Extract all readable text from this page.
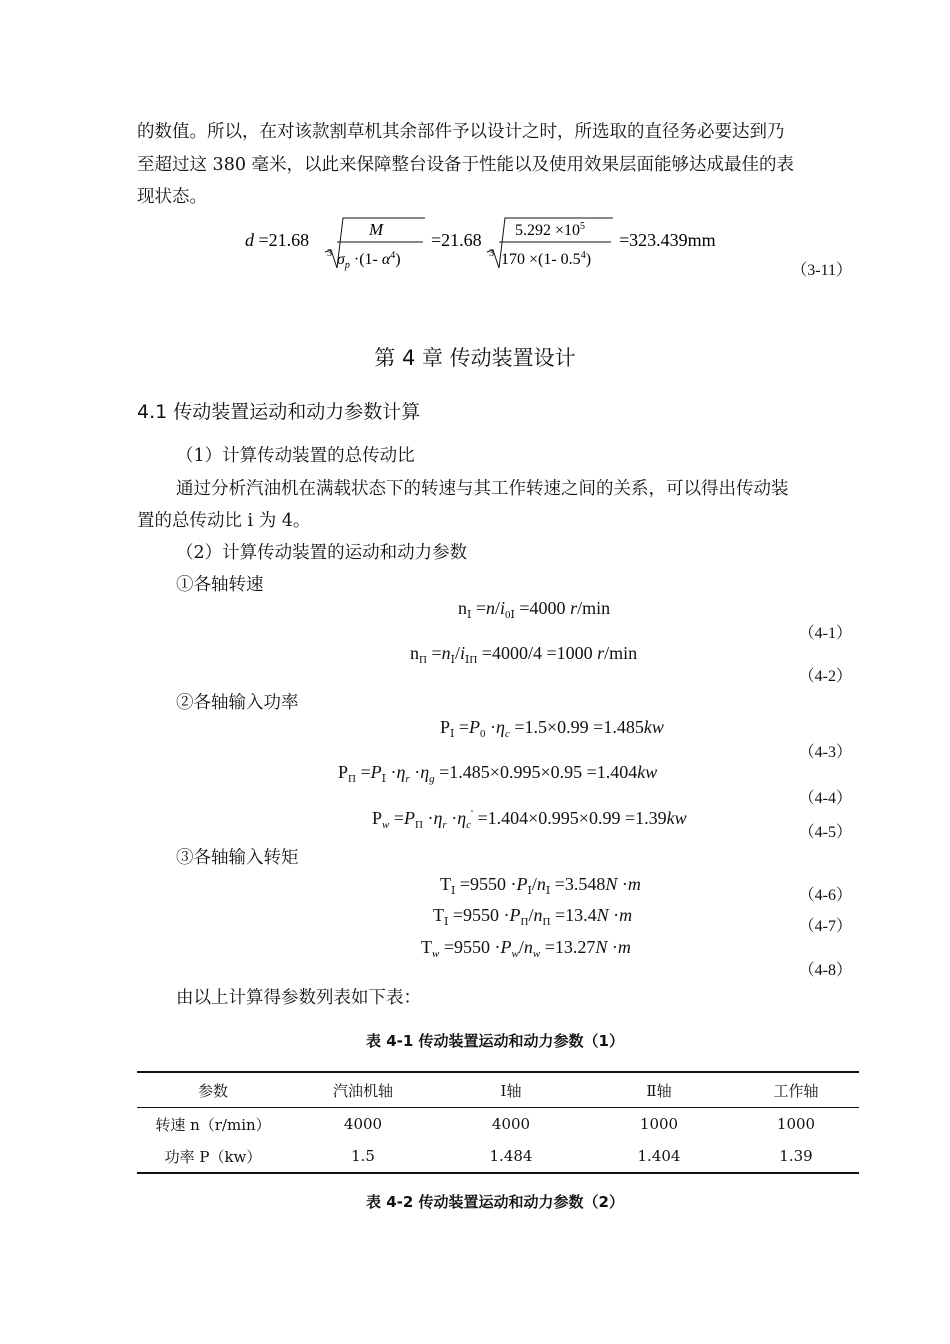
的数值。所以，在对该款割草机其余部件予以设计之时，所选取的直径务必要达到乃
至超过这 380 毫米，以此来保障整台设备于性能以及使用效果层面能够达成最佳的表
现状态。
d =21.68
3
M
$\sigma_p \cdot(1-$ $\alpha^4$)
=21.68
3
$5.292 \times 10^5$
170 ×(1- $0.5^4$)
=323.439mm
（3-11）
第 4 章 传动装置设计
4.1 传动装置运动和动力参数计算
（1）计算传动装置的总传动比
通过分析汽油机在满载状态下的转速与其工作转速之间的关系，可以得出传动装
置的总传动比 i 为 4。
（2）计算传动装置的运动和动力参数
①各轴转速
$n_Ⅰ =n/i_{0Ⅰ} =4000$ r/min
（4-1）
$n_\Pi =n_Ⅰ/i_{Ⅰ\Pi} =4000/4 =1000$ r/min
（4-2）
②各轴输入功率
$P_Ⅰ =P_0 \cdot\eta_c =1.5\times 0.99 =1.485kw$
（4-3）
$P_\Pi =P_Ⅰ \cdot\eta_r \cdot\eta_g =1.485\times 0.995\times 0.95 =1.404kw$
（4-4）
$P_w =P_\Pi \cdot\eta_r \cdot\eta_c' =1.404\times 0.995\times 0.99 =1.39kw$
（4-5）
③各轴输入转矩
$T_Ⅰ =9550 \cdot P_Ⅰ/n_Ⅰ =3.548N \cdot m$
（4-6）
$T_Ⅰ =9550 \cdot P_\Pi/n_\Pi =13.4N \cdot m$
（4-7）
$T_w =9550 \cdot P_w/n_w =13.27N \cdot m$
（4-8）
由以上计算得参数列表如下表：
表 4-1 传动装置运动和动力参数（1）
参数	汽油机轴	Ⅰ轴	Ⅱ轴	工作轴
转速 n（r/min）	4000	4000	1000	1000
功率 P（kw）	1.5	1.484	1.404	1.39
表 4-2 传动装置运动和动力参数（2）
